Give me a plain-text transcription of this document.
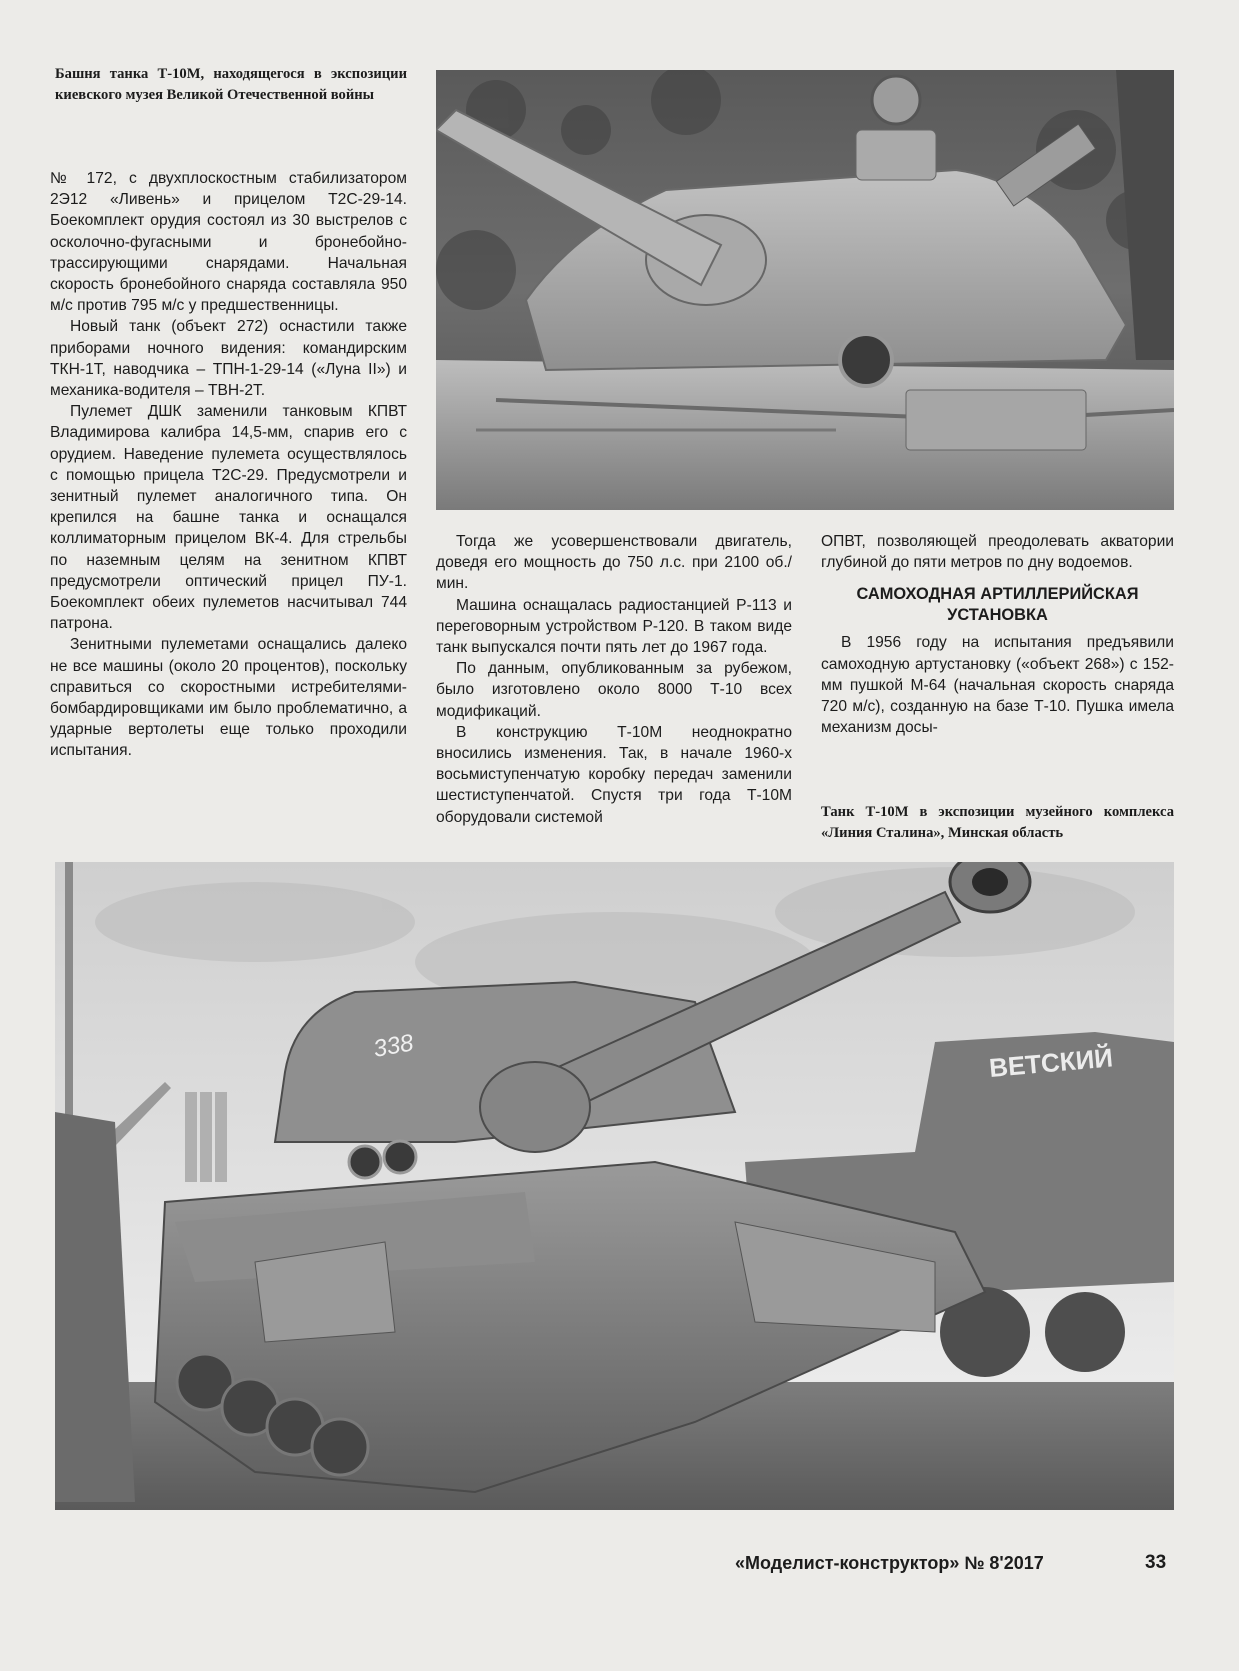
Башня танка Т-10М, находящегося в экспозиции киевского музея Великой Отечественной войны

№ 172, с двухплоскостным стабилизатором 2Э12 «Ливень» и прицелом Т2С-29-14. Боекомплект орудия состоял из 30 выстрелов с осколочно-фугасными и бронебойно-трассирующими снарядами. Начальная скорость бронебойного снаряда составляла 950 м/с против 795 м/с у предшественницы.

Новый танк (объект 272) оснастили также приборами ночного видения: командирским ТКН-1Т, наводчика – ТПН-1-29-14 («Луна II») и механика-водителя – ТВН-2Т.

Пулемет ДШК заменили танковым КПВТ Владимирова калибра 14,5-мм, спарив его с орудием. Наведение пулемета осуществлялось с помощью прицела Т2С-29. Предусмотрели и зенитный пулемет аналогичного типа. Он крепился на башне танка и оснащался коллиматорным прицелом ВК-4. Для стрельбы по наземным целям на зенитном КПВТ предусмотрели оптический прицел ПУ-1. Боекомплект обеих пулеметов насчитывал 744 патрона.

Зенитными пулеметами оснащались далеко не все машины (около 20 процентов), поскольку справиться со скоростными истребителями-бомбардировщиками им было проблематично, а ударные вертолеты еще только проходили испытания.

Тогда же усовершенствовали двигатель, доведя его мощность до 750 л.с. при 2100 об./мин.

Машина оснащалась радиостанцией Р-113 и переговорным устройством Р-120. В таком виде танк выпускался почти пять лет до 1967 года.

По данным, опубликованным за рубежом, было изготовлено около 8000 Т-10 всех модификаций.

В конструкцию Т-10М неоднократно вносились изменения. Так, в начале 1960-х восьмиступенчатую коробку передач заменили шестиступенчатой. Спустя три года Т-10М оборудовали системой

ОПВТ, позволяющей преодолевать акватории глубиной до пяти метров по дну водоемов.

САМОХОДНАЯ АРТИЛЛЕРИЙСКАЯ УСТАНОВКА

В 1956 году на испытания предъявили самоходную артустановку («объект 268») с 152-мм пушкой М-64 (начальная скорость снаряда 720 м/с), созданную на базе Т-10. Пушка имела механизм досы-

Танк Т-10М в экспозиции музейного комплекса «Линия Сталина», Минская область
ВЕТСКИЙ
338
«Моделист-конструктор» № 8'2017	33
